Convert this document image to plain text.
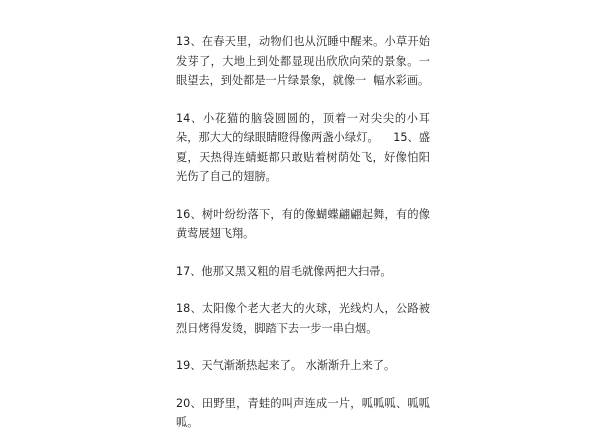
13、在春天里，动物们也从沉睡中醒来。小草开始发芽了，大地上到处都显现出欣欣向荣的景象。一眼望去，到处都是一片绿景象，就像一  幅水彩画。

14、小花猫的脑袋圆圆的，顶着一对尖尖的小耳朵，那大大的绿眼睛瞪得像两盏小绿灯。    15、盛夏，天热得连蜻蜓都只敢贴着树荫处飞，好像怕阳光伤了自己的翅膀。

16、树叶纷纷落下，有的像蝴蝶翩翩起舞，有的像黄莺展翅飞翔。

17、他那又黑又粗的眉毛就像两把大扫帚。

18、太阳像个老大老大的火球，光线灼人，公路被烈日烤得发烫，脚踏下去一步一串白烟。

19、天气渐渐热起来了。 水渐渐升上来了。

20、田野里，青蛙的叫声连成一片，呱呱呱、呱呱呱。
